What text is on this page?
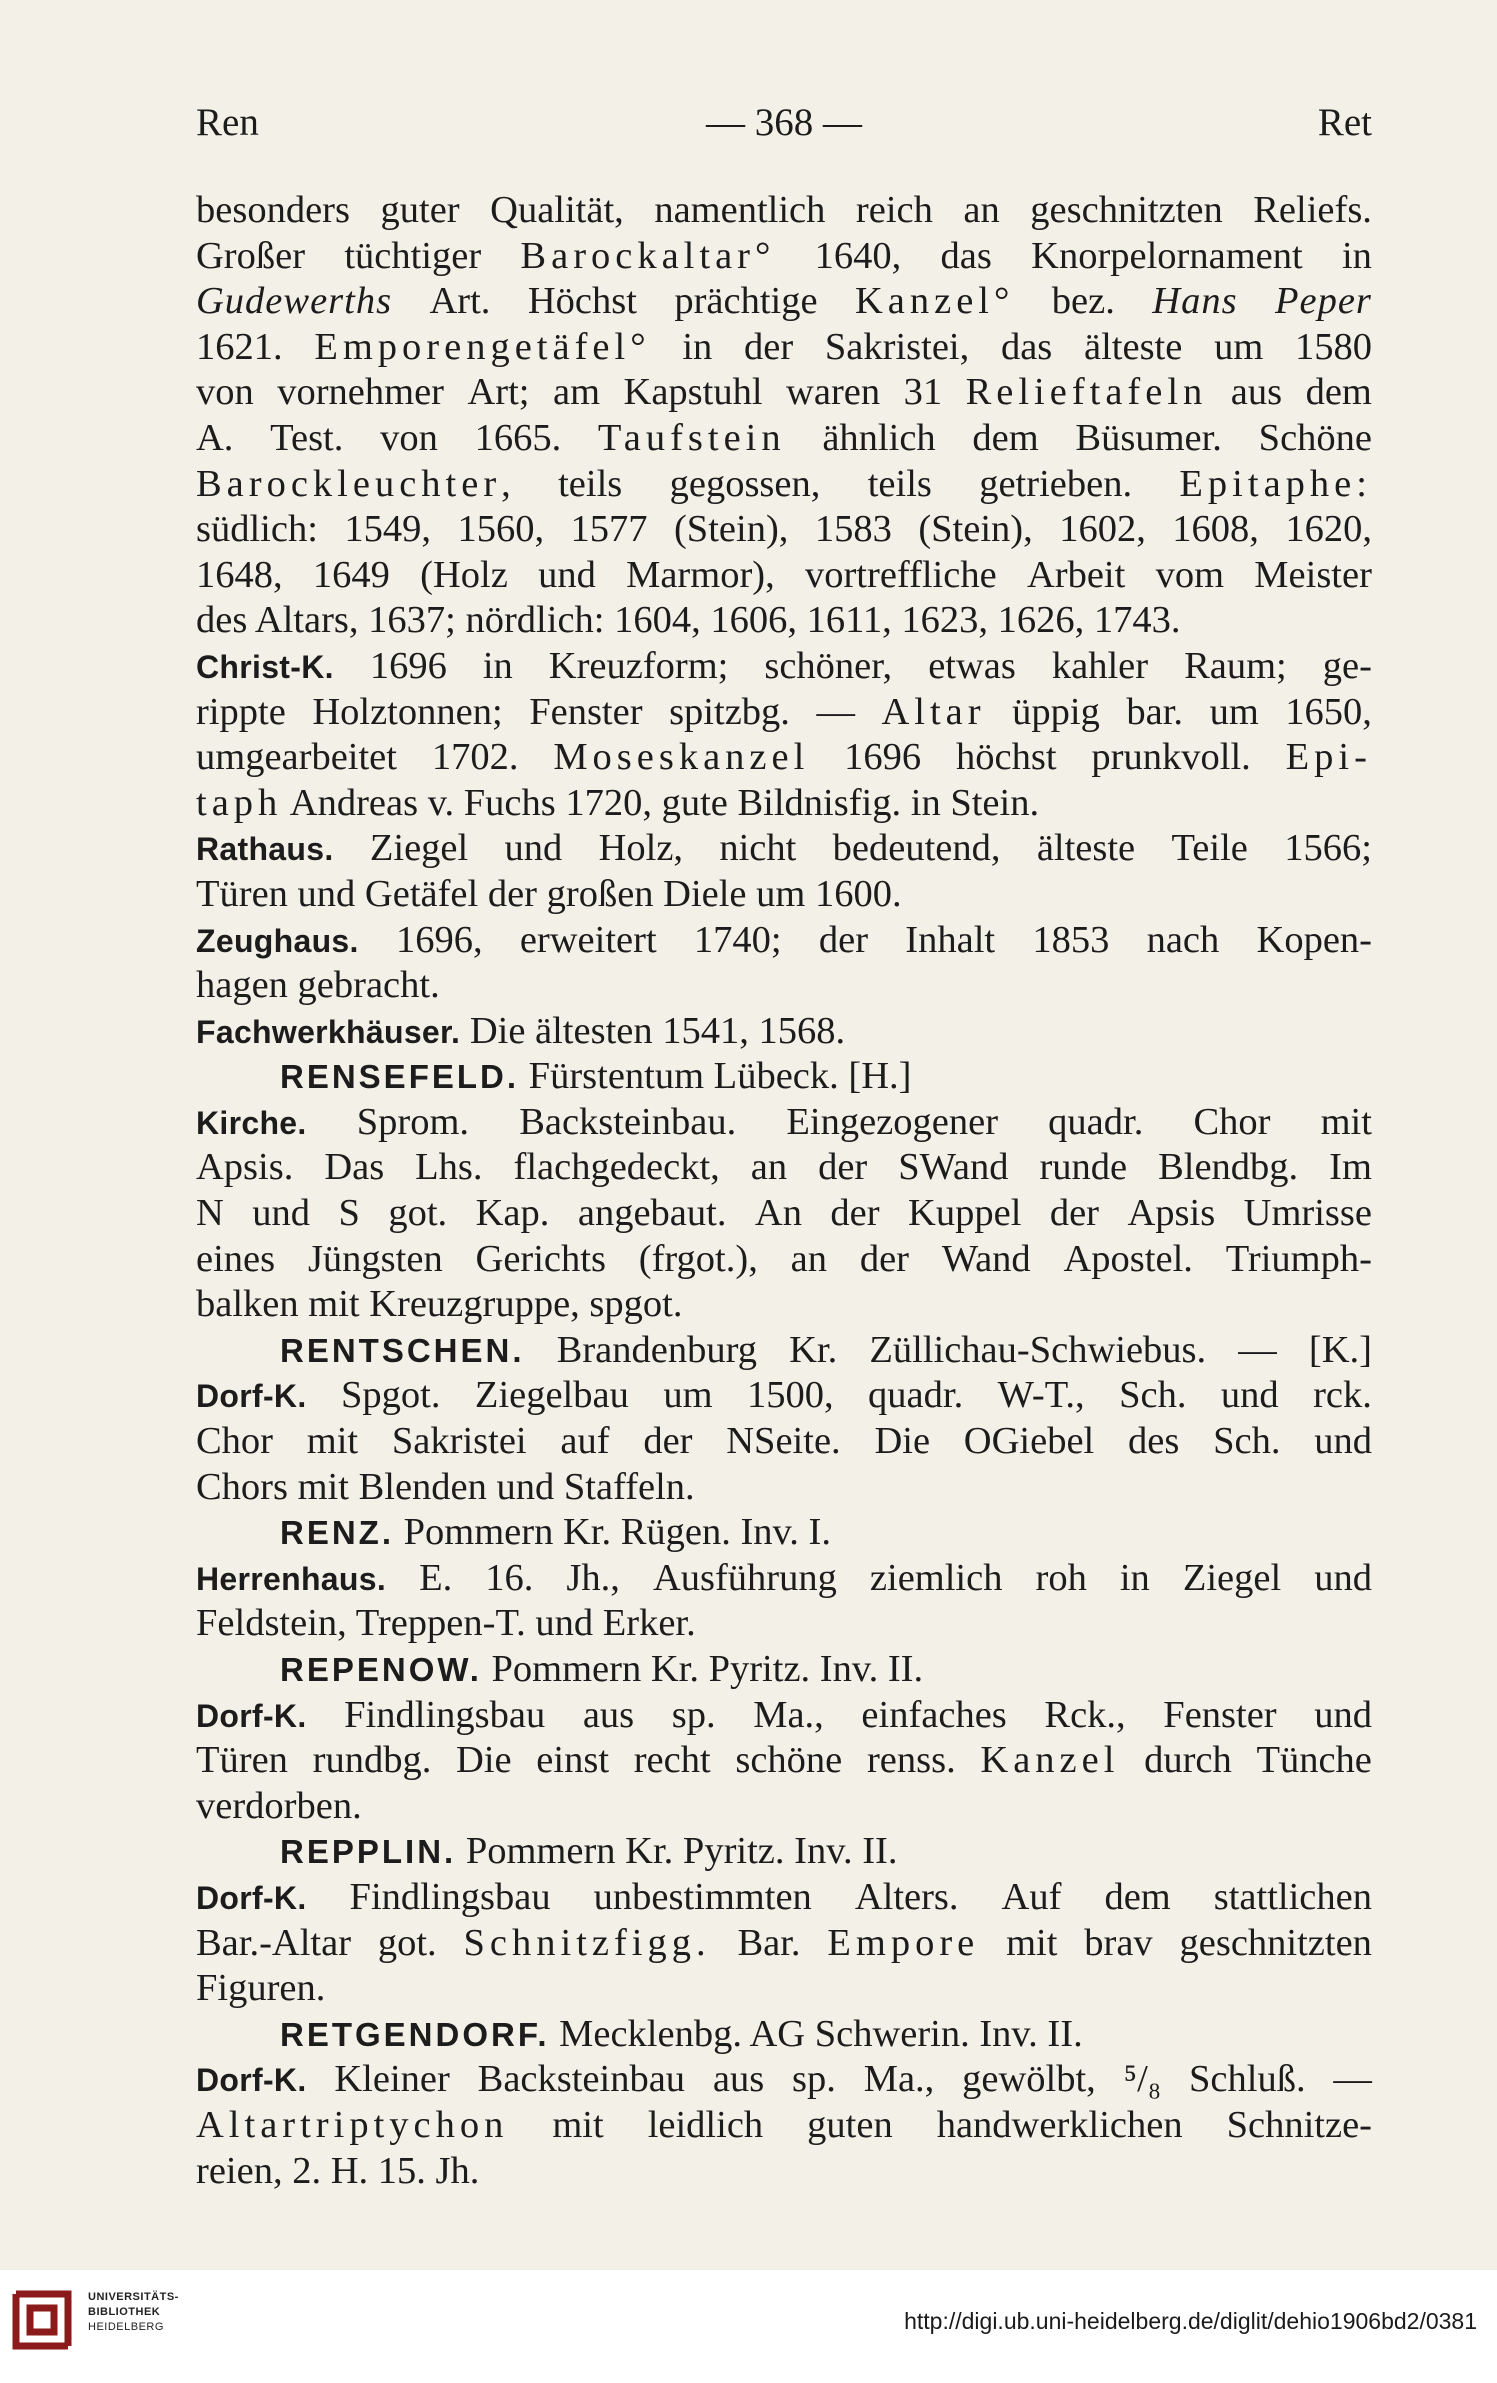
Ren	— 368 —	Ret
besonders guter Qualität, namentlich reich an geschnitzten Reliefs.
Großer tüchtiger Barockaltar° 1640, das Knorpelornament in
Gudewerths Art. Höchst prächtige Kanzel° bez. Hans Peper
1621. Emporengetäfel° in der Sakristei, das älteste um 1580
von vornehmer Art; am Kapstuhl waren 31 Relieftafeln aus dem
A. Test. von 1665. Taufstein ähnlich dem Büsumer. Schöne
Barockleuchter, teils gegossen, teils getrieben. Epitaphe:
südlich: 1549, 1560, 1577 (Stein), 1583 (Stein), 1602, 1608, 1620,
1648, 1649 (Holz und Marmor), vortreffliche Arbeit vom Meister
des Altars, 1637; nördlich: 1604, 1606, 1611, 1623, 1626, 1743.
Christ-K. 1696 in Kreuzform; schöner, etwas kahler Raum; ge-
rippte Holztonnen; Fenster spitzbg. — Altar üppig bar. um 1650,
umgearbeitet 1702. Moseskanzel 1696 höchst prunkvoll. Epi-
taph Andreas v. Fuchs 1720, gute Bildnisfig. in Stein.
Rathaus. Ziegel und Holz, nicht bedeutend, älteste Teile 1566;
Türen und Getäfel der großen Diele um 1600.
Zeughaus. 1696, erweitert 1740; der Inhalt 1853 nach Kopen-
hagen gebracht.
Fachwerkhäuser. Die ältesten 1541, 1568.
RENSEFELD. Fürstentum Lübeck. [H.]
Kirche. Sprom. Backsteinbau. Eingezogener quadr. Chor mit
Apsis. Das Lhs. flachgedeckt, an der SWand runde Blendbg. Im
N und S got. Kap. angebaut. An der Kuppel der Apsis Umrisse
eines Jüngsten Gerichts (frgot.), an der Wand Apostel. Triumph-
balken mit Kreuzgruppe, spgot.
RENTSCHEN. Brandenburg Kr. Züllichau-Schwiebus. — [K.]
Dorf-K. Spgot. Ziegelbau um 1500, quadr. W-T., Sch. und rck.
Chor mit Sakristei auf der NSeite. Die OGiebel des Sch. und
Chors mit Blenden und Staffeln.
RENZ. Pommern Kr. Rügen. Inv. I.
Herrenhaus. E. 16. Jh., Ausführung ziemlich roh in Ziegel und
Feldstein, Treppen-T. und Erker.
REPENOW. Pommern Kr. Pyritz. Inv. II.
Dorf-K. Findlingsbau aus sp. Ma., einfaches Rck., Fenster und
Türen rundbg. Die einst recht schöne renss. Kanzel durch Tünche
verdorben.
REPPLIN. Pommern Kr. Pyritz. Inv. II.
Dorf-K. Findlingsbau unbestimmten Alters. Auf dem stattlichen
Bar.-Altar got. Schnitzfigg. Bar. Empore mit brav geschnitzten
Figuren.
RETGENDORF. Mecklenbg. AG Schwerin. Inv. II.
Dorf-K. Kleiner Backsteinbau aus sp. Ma., gewölbt, ⁵/₈ Schluß. —
Altartriptychon mit leidlich guten handwerklichen Schnitze-
reien, 2. H. 15. Jh.
UNIVERSITÄTS-
BIBLIOTHEK
HEIDELBERG	http://digi.ub.uni-heidelberg.de/diglit/dehio1906bd2/0381
